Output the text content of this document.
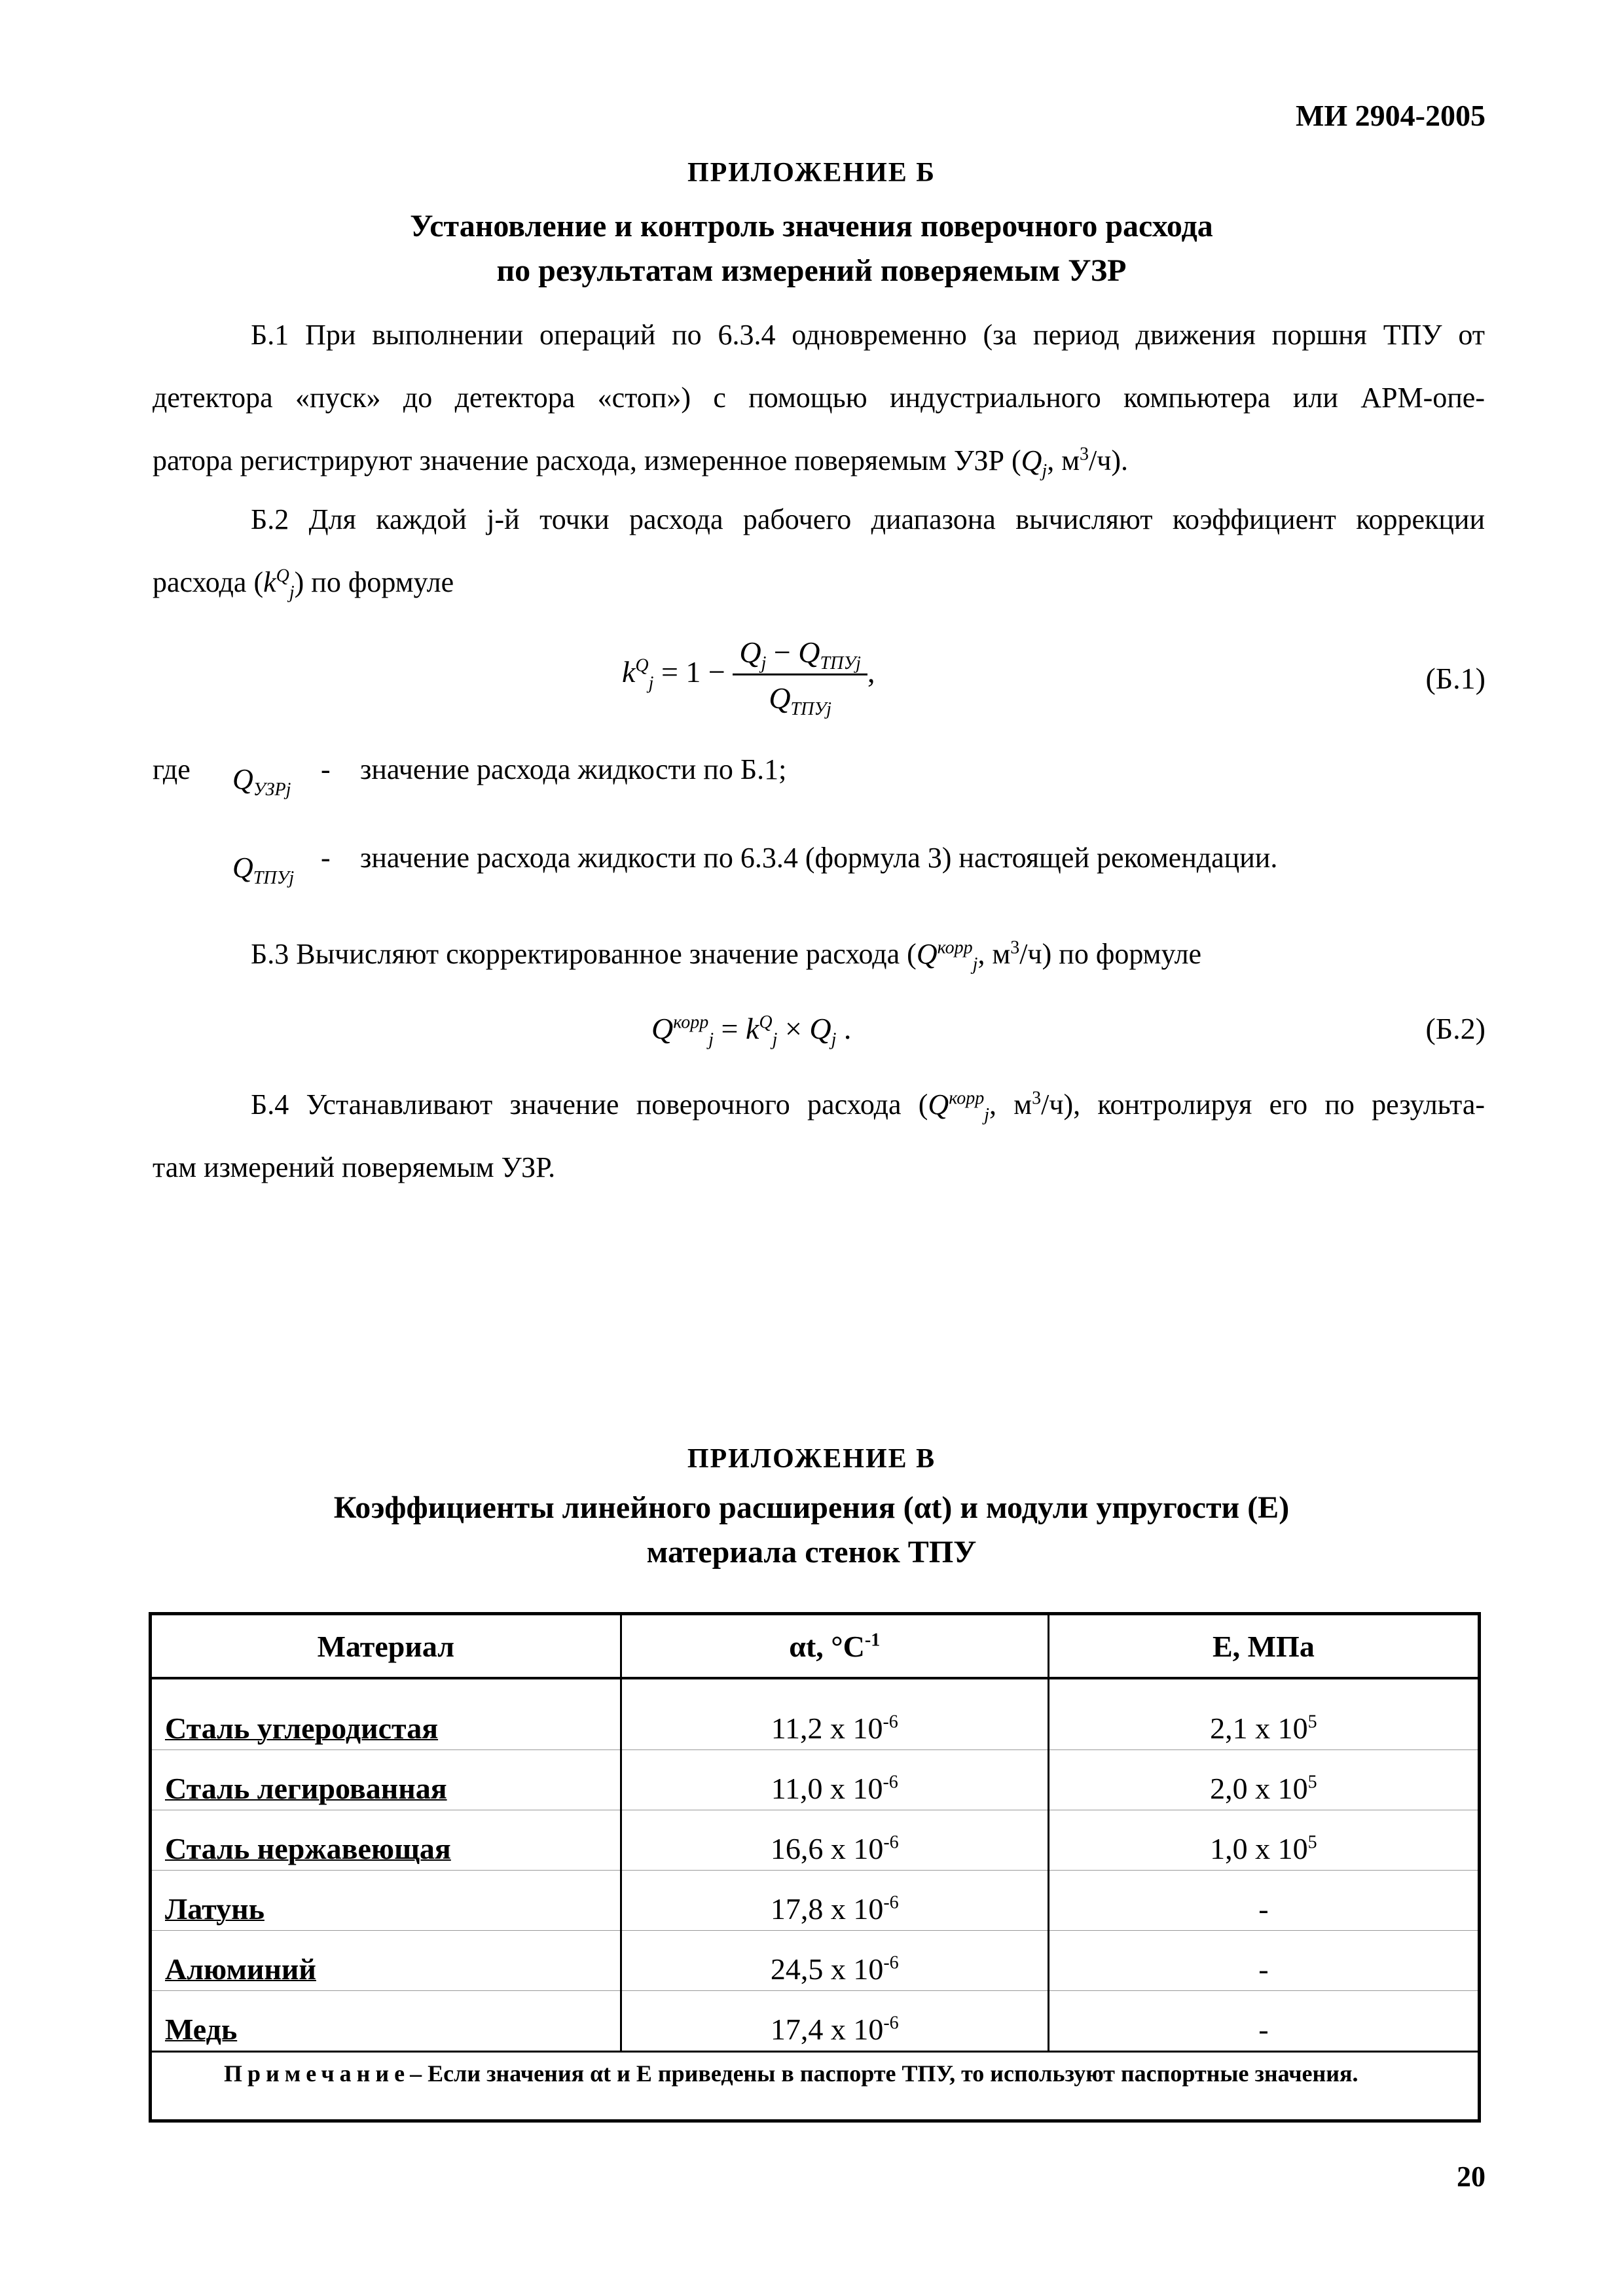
МИ 2904-2005
ПРИЛОЖЕНИЕ Б
Установление и контроль значения поверочного расхода
по результатам измерений поверяемым УЗР
Б.1 При выполнении операций по 6.3.4 одновременно (за период движения поршня ТПУ от
детектора «пуск» до детектора «стоп») с помощью индустриального компьютера или АРМ-опе-
ратора регистрируют значение расхода, измеренное поверяемым УЗР ($Q_j$, $м^3/ч$).
Б.2 Для каждой j-й точки расхода рабочего диапазона вычисляют коэффициент коррекции
расхода $(k^Q_j)$ по формуле
$k^Q_j = 1 - \frac{Q_j - Q_{ТПУj}}{Q_{ТПУj}}$ ,	(Б.1)
где $Q_{УЗРj}$
- значение расхода жидкости по Б.1;
$Q_{ТПУj}$
- значение расхода жидкости по 6.3.4 (формула 3) настоящей рекомендации.
Б.3 Вычисляют скорректированное значение расхода ($Q^{корр}_j$, $м^3/ч$) по формуле
$Q^{корр}_j = k^Q_j \times Q_j$ .	(Б.2)
Б.4 Устанавливают значение поверочного расхода ($Q^{корр}_j$, $м^3/ч$), контролируя его по результа-
там измерений поверяемым УЗР.
ПРИЛОЖЕНИЕ В
Коэффициенты линейного расширения (αt) и модули упругости (Е)
материала стенок ТПУ
Материал	αt, $^\circ C^{-1}$	Е, МПа
Сталь углеродистая	11,2 x $10^{-6}$	2,1 x $10^5$
Сталь легированная	11,0 x $10^{-6}$	2,0 x $10^5$
Сталь нержавеющая	16,6 x $10^{-6}$	1,0 x $10^5$
Латунь	17,8 x $10^{-6}$	-
Алюминий	24,5 x $10^{-6}$	-
Медь	17,4 x $10^{-6}$	-
Примечание– Если значения αt и Е приведены в паспорте ТПУ, то используют паспортные значения.		
20
